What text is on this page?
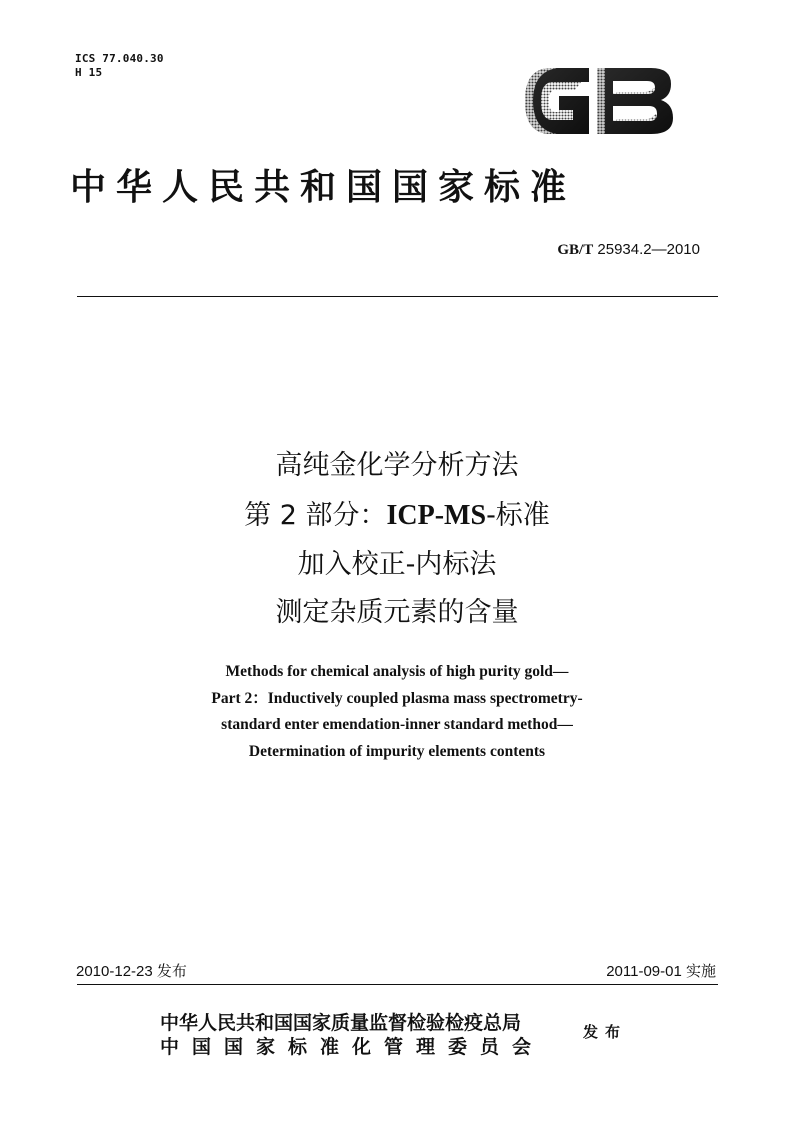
ICS 77.040.30
H 15
中华人民共和国国家标准
GB/T 25934.2—2010
高纯金化学分析方法
第 2 部分：ICP-MS-标准
加入校正-内标法
测定杂质元素的含量
Methods for chemical analysis of high purity gold—
Part 2：Inductively coupled plasma mass spectrometry-
standard enter emendation-inner standard method—
Determination of impurity elements contents
2010-12-23 发布	2011-09-01 实施
中华人民共和国国家质量监督检验检疫总局
中国国家标准化管理委员会
发布
